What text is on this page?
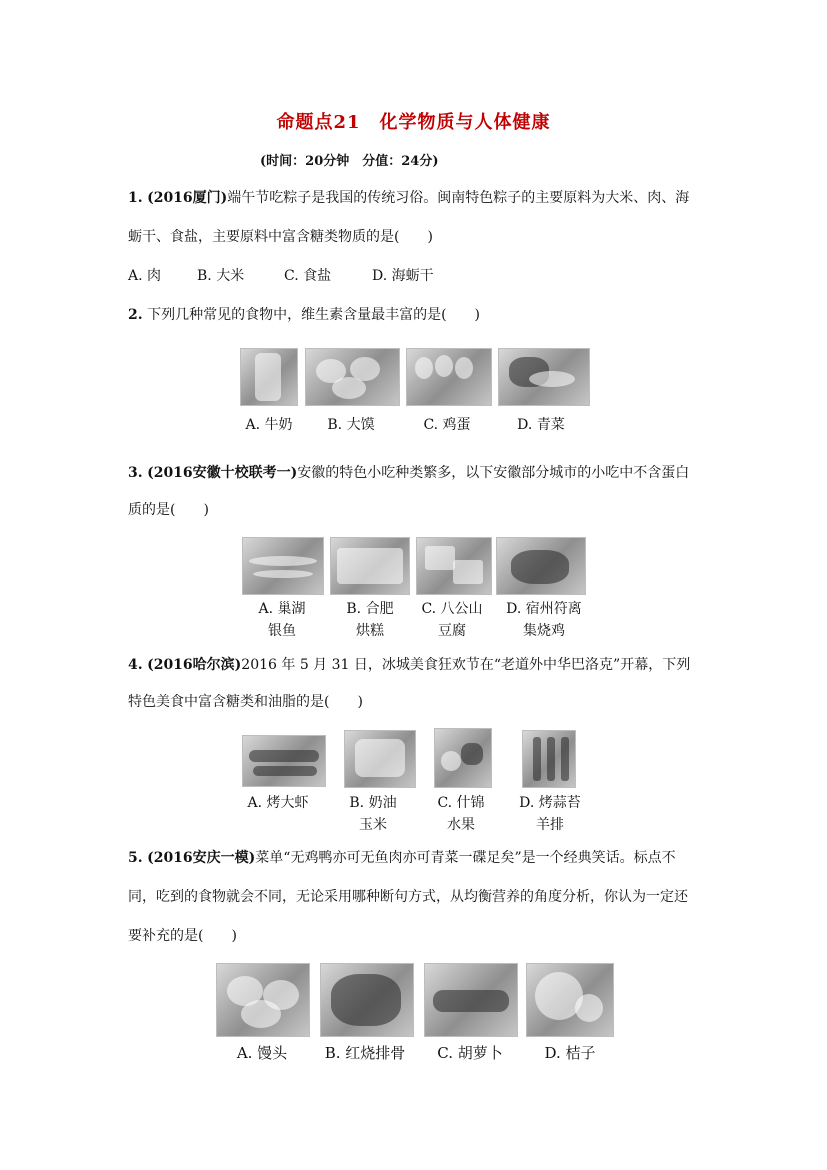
命题点21　化学物质与人体健康
(时间：20分钟　分值：24分)
1. (2016厦门)端午节吃粽子是我国的传统习俗。闽南特色粽子的主要原料为大米、肉、海
蛎干、食盐，主要原料中富含糖类物质的是(　　)
A. 肉	B. 大米	C. 食盐	D. 海蛎干
2. 下列几种常见的食物中，维生素含量最丰富的是(　　)
A. 牛奶	B. 大馍	C. 鸡蛋	D. 青菜
3. (2016安徽十校联考一)安徽的特色小吃种类繁多，以下安徽部分城市的小吃中不含蛋白
质的是(　　)
A. 巢湖
银鱼
B. 合肥
烘糕
C. 八公山
豆腐
D. 宿州符离
集烧鸡
4. (2016哈尔滨)2016 年 5 月 31 日，冰城美食狂欢节在“老道外中华巴洛克”开幕，下列
特色美食中富含糖类和油脂的是(　　)
A. 烤大虾	B. 奶油
玉米
C. 什锦
水果
D. 烤蒜苔
羊排
5. (2016安庆一模)菜单“无鸡鸭亦可无鱼肉亦可青菜一碟足矣”是一个经典笑话。标点不
同，吃到的食物就会不同，无论采用哪种断句方式，从均衡营养的角度分析，你认为一定还
要补充的是(　　)
A. 馒头	B. 红烧排骨	C. 胡萝卜	D. 桔子
